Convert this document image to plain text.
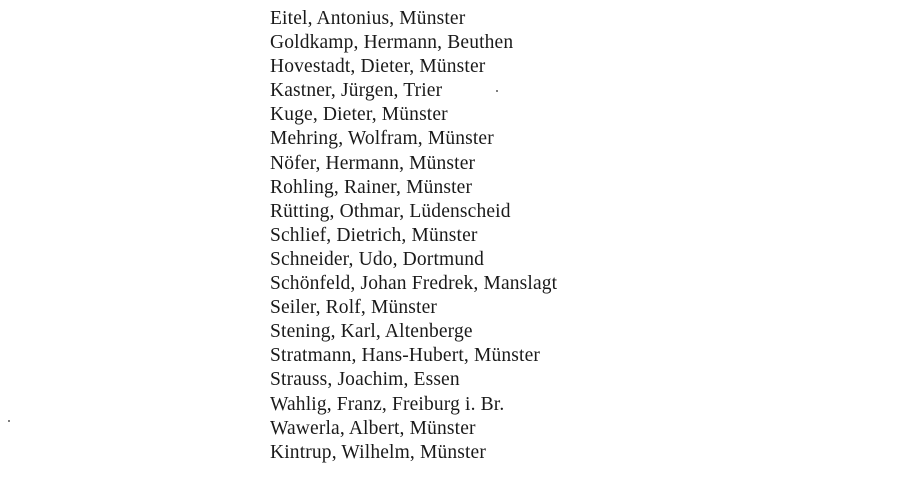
Eitel, Antonius, Münster
Goldkamp, Hermann, Beuthen
Hovestadt, Dieter, Münster
Kastner, Jürgen, Trier
Kuge, Dieter, Münster
Mehring, Wolfram, Münster
Nöfer, Hermann, Münster
Rohling, Rainer, Münster
Rütting, Othmar, Lüdenscheid
Schlief, Dietrich, Münster
Schneider, Udo, Dortmund
Schönfeld, Johan Fredrek, Manslagt
Seiler, Rolf, Münster
Stening, Karl, Altenberge
Stratmann, Hans-Hubert, Münster
Strauss, Joachim, Essen
Wahlig, Franz, Freiburg i. Br.
Wawerla, Albert, Münster
Kintrup, Wilhelm, Münster
